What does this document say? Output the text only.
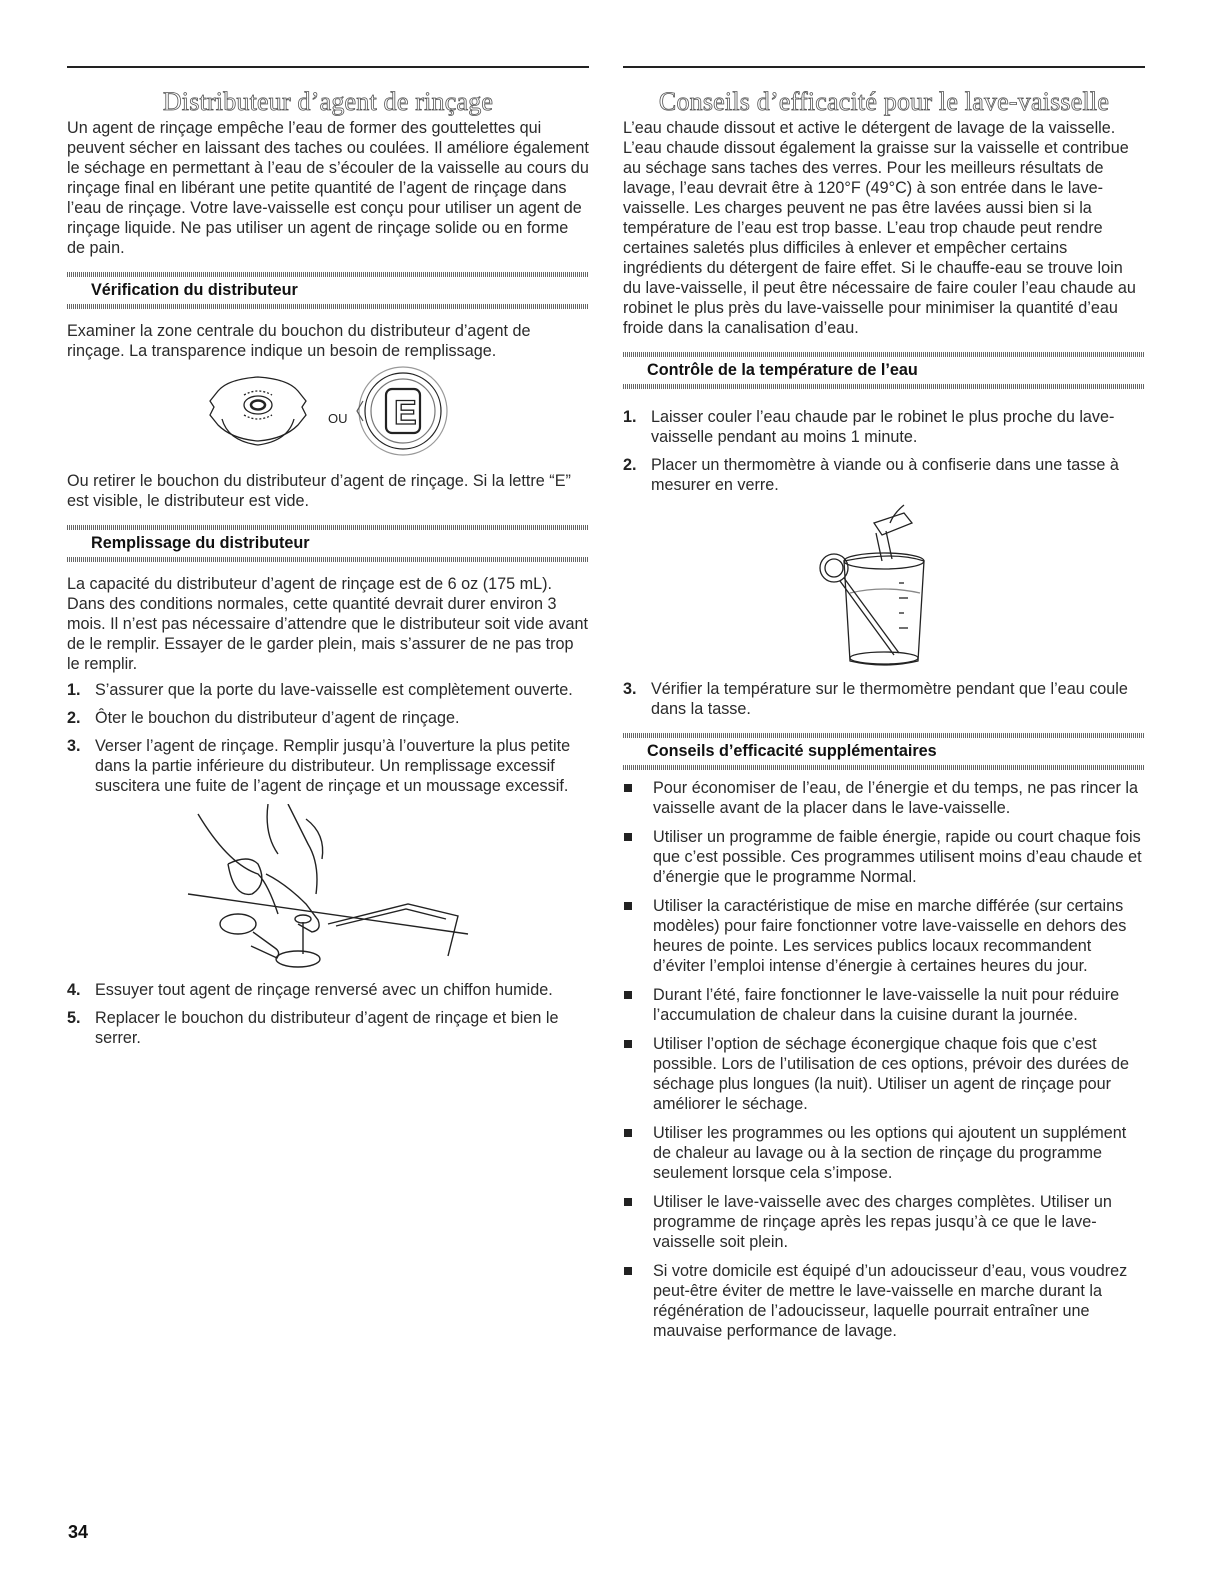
Distributeur d’agent de rinçage

Un agent de rinçage empêche l’eau de former des gouttelettes qui peuvent sécher en laissant des taches ou coulées. Il améliore également le séchage en permettant à l’eau de s’écouler de la vaisselle au cours du rinçage final en libérant une petite quantité de l’agent de rinçage dans l’eau de rinçage. Votre lave-vaisselle est conçu pour utiliser un agent de rinçage liquide. Ne pas utiliser un agent de rinçage solide ou en forme de pain.

Vérification du distributeur

Examiner la zone centrale du bouchon du distributeur d’agent de rinçage. La transparence indique un besoin de remplissage.

OU E

Ou retirer le bouchon du distributeur d’agent de rinçage. Si la lettre “E” est visible, le distributeur est vide.

Remplissage du distributeur

La capacité du distributeur d’agent de rinçage est de 6 oz (175 mL). Dans des conditions normales, cette quantité devrait durer environ 3 mois. Il n’est pas nécessaire d’attendre que le distributeur soit vide avant de le remplir. Essayer de le garder plein, mais s’assurer de ne pas trop le remplir.

1. S’assurer que la porte du lave-vaisselle est complètement ouverte.
2. Ôter le bouchon du distributeur d’agent de rinçage.
3. Verser l’agent de rinçage. Remplir jusqu’à l’ouverture la plus petite dans la partie inférieure du distributeur. Un remplissage excessif suscitera une fuite de l’agent de rinçage et un moussage excessif.
4. Essuyer tout agent de rinçage renversé avec un chiffon humide.
5. Replacer le bouchon du distributeur d’agent de rinçage et bien le serrer.
Conseils d’efficacité pour le lave-vaisselle

L’eau chaude dissout et active le détergent de lavage de la vaisselle. L’eau chaude dissout également la graisse sur la vaisselle et contribue au séchage sans taches des verres. Pour les meilleurs résultats de lavage, l’eau devrait être à 120°F (49°C) à son entrée dans le lave-vaisselle. Les charges peuvent ne pas être lavées aussi bien si la température de l’eau est trop basse. L’eau trop chaude peut rendre certaines saletés plus difficiles à enlever et empêcher certains ingrédients du détergent de faire effet. Si le chauffe-eau se trouve loin du lave-vaisselle, il peut être nécessaire de faire couler l’eau chaude au robinet le plus près du lave-vaisselle pour minimiser la quantité d’eau froide dans la canalisation d’eau.

Contrôle de la température de l’eau
1. Laisser couler l’eau chaude par le robinet le plus proche du lave-vaisselle pendant au moins 1 minute.
2. Placer un thermomètre à viande ou à confiserie dans une tasse à mesurer en verre.
3. Vérifier la température sur le thermomètre pendant que l’eau coule dans la tasse.
Conseils d’efficacité supplémentaires
Pour économiser de l’eau, de l’énergie et du temps, ne pas rincer la vaisselle avant de la placer dans le lave-vaisselle.
Utiliser un programme de faible énergie, rapide ou court chaque fois que c’est possible. Ces programmes utilisent moins d’eau chaude et d’énergie que le programme Normal.
Utiliser la caractéristique de mise en marche différée (sur certains modèles) pour faire fonctionner votre lave-vaisselle en dehors des heures de pointe. Les services publics locaux recommandent d’éviter l’emploi intense d’énergie à certaines heures du jour.
Durant l’été, faire fonctionner le lave-vaisselle la nuit pour réduire l’accumulation de chaleur dans la cuisine durant la journée.
Utiliser l’option de séchage éconergique chaque fois que c’est possible. Lors de l’utilisation de ces options, prévoir des durées de séchage plus longues (la nuit). Utiliser un agent de rinçage pour améliorer le séchage.
Utiliser les programmes ou les options qui ajoutent un supplément de chaleur au lavage ou à la section de rinçage du programme seulement lorsque cela s’impose.
Utiliser le lave-vaisselle avec des charges complètes. Utiliser un programme de rinçage après les repas jusqu’à ce que le lave-vaisselle soit plein.
Si votre domicile est équipé d’un adoucisseur d’eau, vous voudrez peut-être éviter de mettre le lave-vaisselle en marche durant la régénération de l’adoucisseur, laquelle pourrait entraîner une mauvaise performance de lavage.
34
